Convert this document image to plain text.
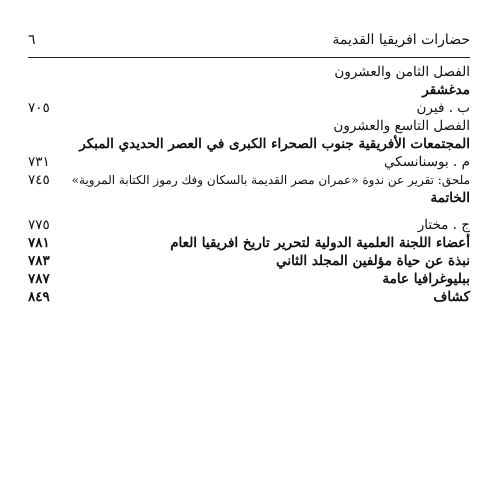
حضارات افريقيا القديمة
٦
الفصل الثامن والعشرون
مدغشقر
ب . فيرن
٧٠٥
الفصل التاسع والعشرون
المجتمعات الأفريقية جنوب الصحراء الكبرى في العصر الحديدي المبكر
م . بوسنانسكي
٧٣١
ملحق: تقرير عن ندوة «عمران مصر القديمة بالسكان وفك رموز الكتابة المروية»
٧٤٥
الخاتمة
ج . مختار
٧٧٥
أعضاء اللجنة العلمية الدولية لتحرير تاريخ افريقيا العام
٧٨١
نبذة عن حياة مؤلفين المجلد الثاني
٧٨٣
ببليوغرافيا عامة
٧٨٧
كشاف
٨٤٩
